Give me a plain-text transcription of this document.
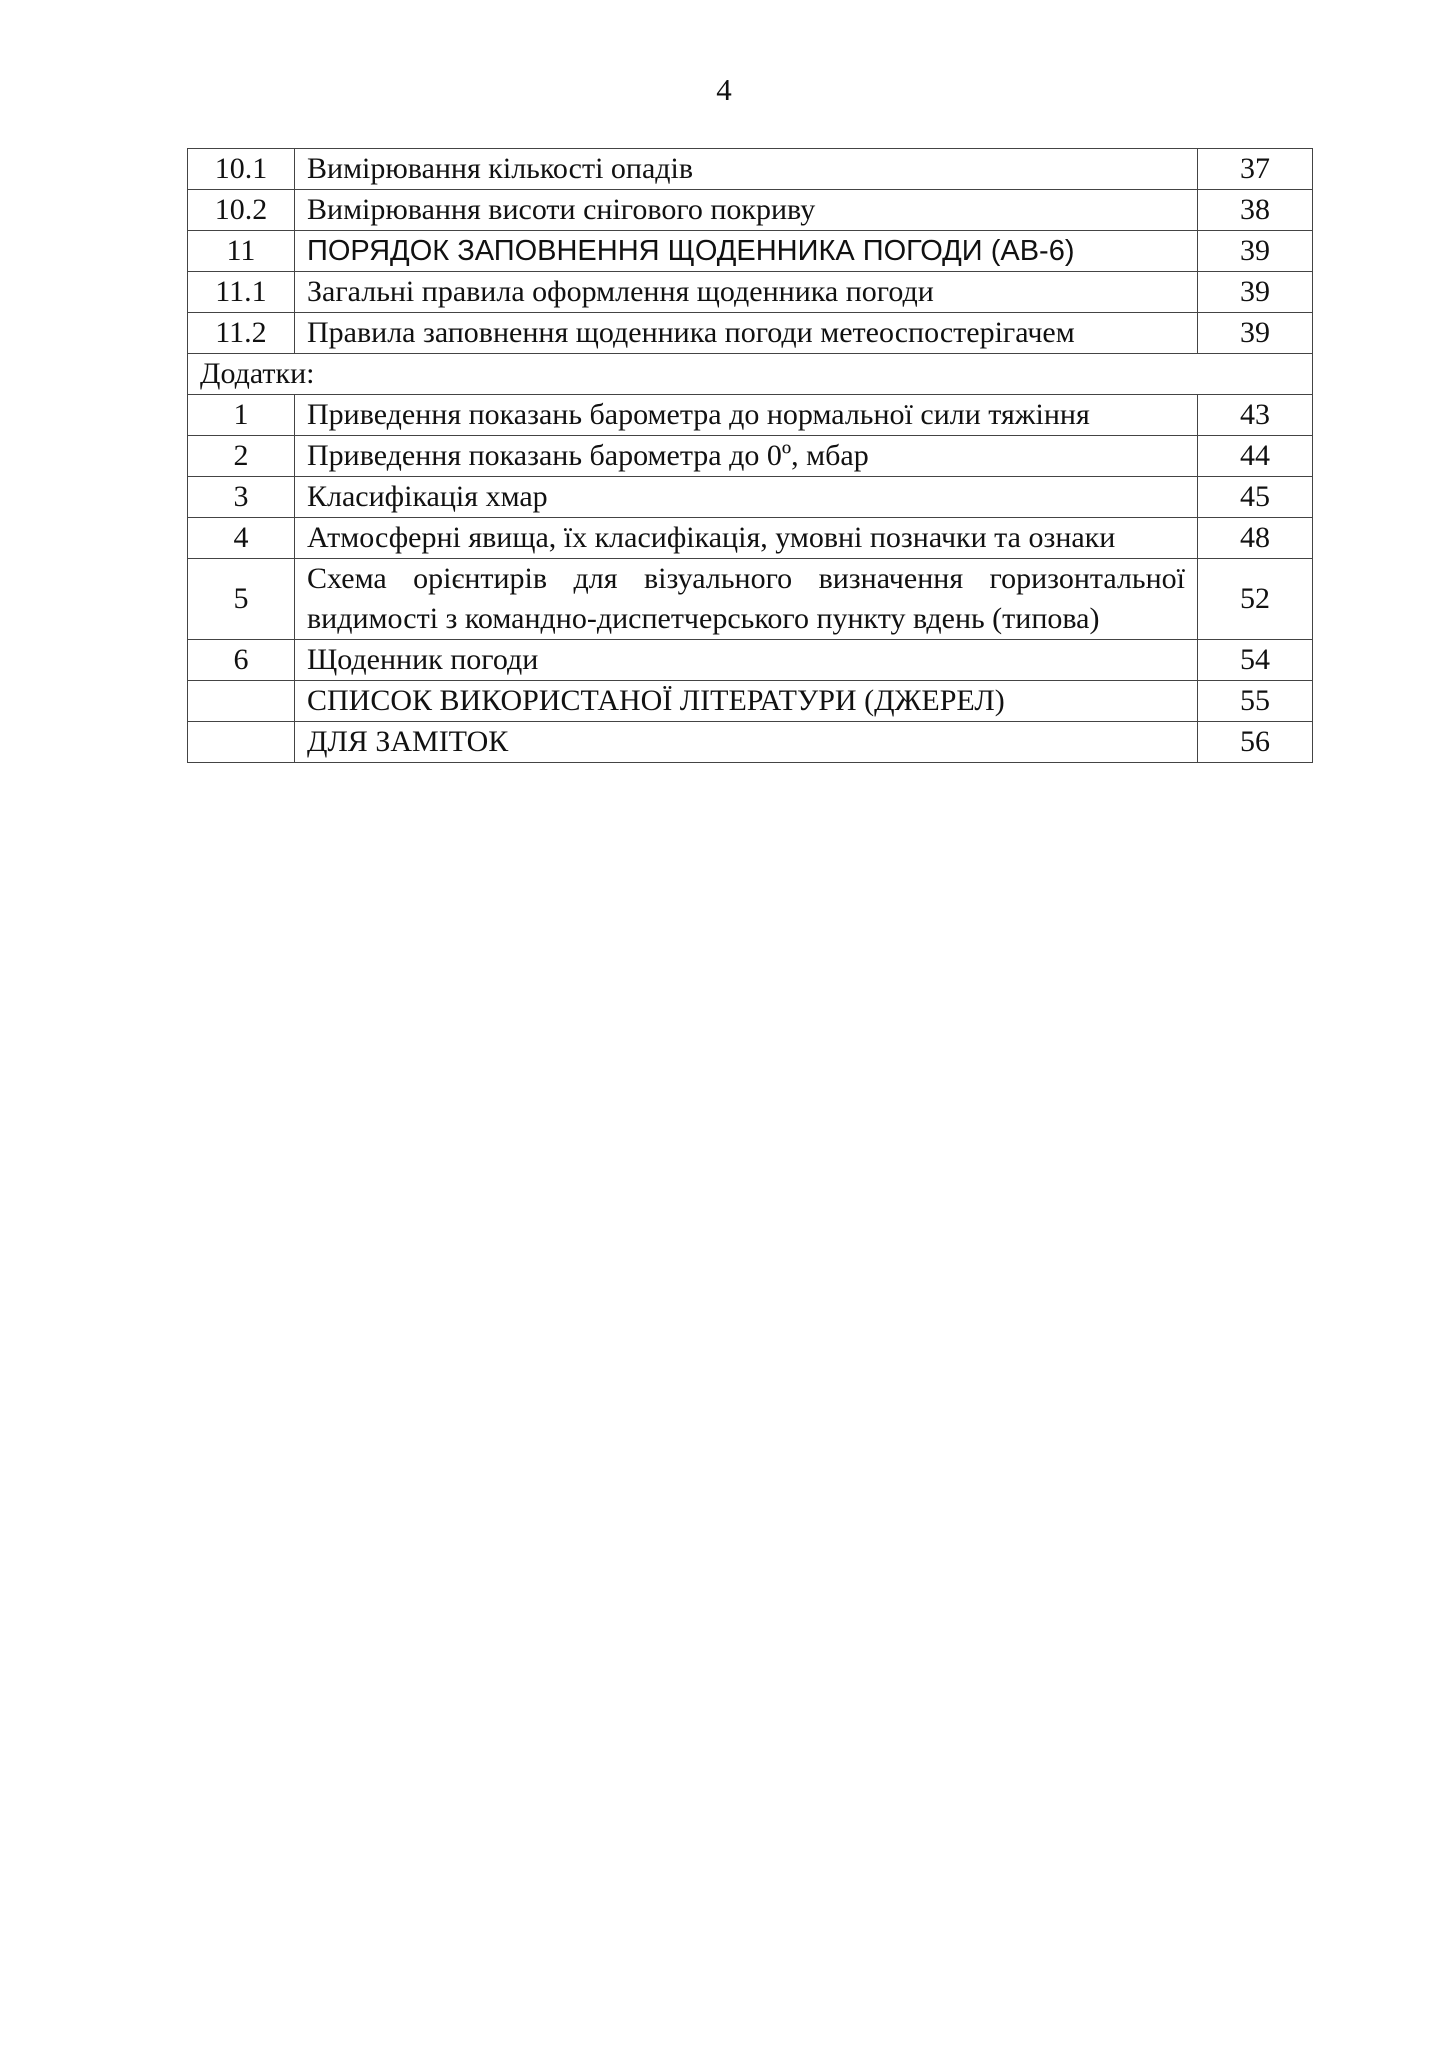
4
10.1	Вимірювання кількості опадів	37
10.2	Вимірювання висоти снігового покриву	38
11	ПОРЯДОК ЗАПОВНЕННЯ ЩОДЕННИКА ПОГОДИ (АВ-6)	39
11.1	Загальні правила оформлення щоденника погоди	39
11.2	Правила заповнення щоденника погоди метеоспостерігачем	39
Додатки:		
1	Приведення показань барометра до нормальної сили тяжіння	43
2	Приведення показань барометра до 0º, мбар	44
3	Класифікація хмар	45
4	Атмосферні явища, їх класифікація, умовні позначки та ознаки	48
5	Схема орієнтирів для візуального визначення горизонтальної видимості з командно-диспетчерського пункту вдень (типова)	52
6	Щоденник погоди	54
	СПИСОК ВИКОРИСТАНОЇ ЛІТЕРАТУРИ (ДЖЕРЕЛ)	55
	ДЛЯ ЗАМІТОК	56
